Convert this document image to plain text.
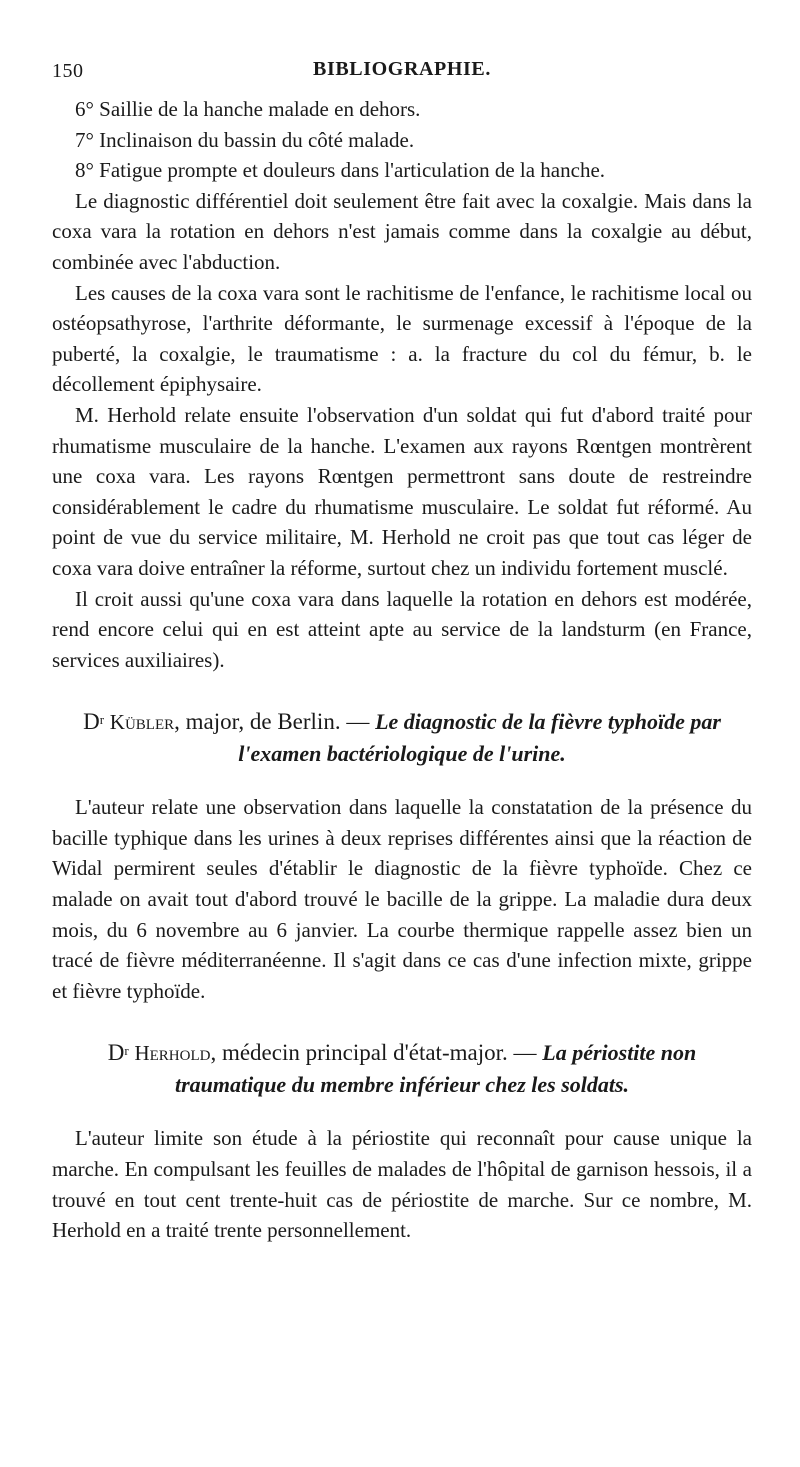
150	BIBLIOGRAPHIE.

6° Saillie de la hanche malade en dehors.

7° Inclinaison du bassin du côté malade.

8° Fatigue prompte et douleurs dans l'articulation de la hanche.

Le diagnostic différentiel doit seulement être fait avec la coxalgie. Mais dans la coxa vara la rotation en dehors n'est jamais comme dans la coxalgie au début, combinée avec l'abduction.

Les causes de la coxa vara sont le rachitisme de l'enfance, le rachitisme local ou ostéopsathyrose, l'arthrite déformante, le surmenage excessif à l'époque de la puberté, la coxalgie, le traumatisme : a. la fracture du col du fémur, b. le décollement épiphysaire.

M. Herhold relate ensuite l'observation d'un soldat qui fut d'abord traité pour rhumatisme musculaire de la hanche. L'examen aux rayons Rœntgen montrèrent une coxa vara. Les rayons Rœntgen permettront sans doute de restreindre considérablement le cadre du rhumatisme musculaire. Le soldat fut réformé. Au point de vue du service militaire, M. Herhold ne croit pas que tout cas léger de coxa vara doive entraîner la réforme, surtout chez un individu fortement musclé.

Il croit aussi qu'une coxa vara dans laquelle la rotation en dehors est modérée, rend encore celui qui en est atteint apte au service de la landsturm (en France, services auxiliaires).

$D^r$ Kübler, major, de Berlin. — Le diagnostic de la fièvre typhoïde par l'examen bactériologique de l'urine.

L'auteur relate une observation dans laquelle la constatation de la présence du bacille typhique dans les urines à deux reprises différentes ainsi que la réaction de Widal permirent seules d'établir le diagnostic de la fièvre typhoïde. Chez ce malade on avait tout d'abord trouvé le bacille de la grippe. La maladie dura deux mois, du 6 novembre au 6 janvier. La courbe thermique rappelle assez bien un tracé de fièvre méditerranéenne. Il s'agit dans ce cas d'une infection mixte, grippe et fièvre typhoïde.

$D^r$ Herhold, médecin principal d'état-major. — La périostite non traumatique du membre inférieur chez les soldats.

L'auteur limite son étude à la périostite qui reconnaît pour cause unique la marche. En compulsant les feuilles de malades de l'hôpital de garnison hessois, il a trouvé en tout cent trente-huit cas de périostite de marche. Sur ce nombre, M. Herhold en a traité trente personnellement.
